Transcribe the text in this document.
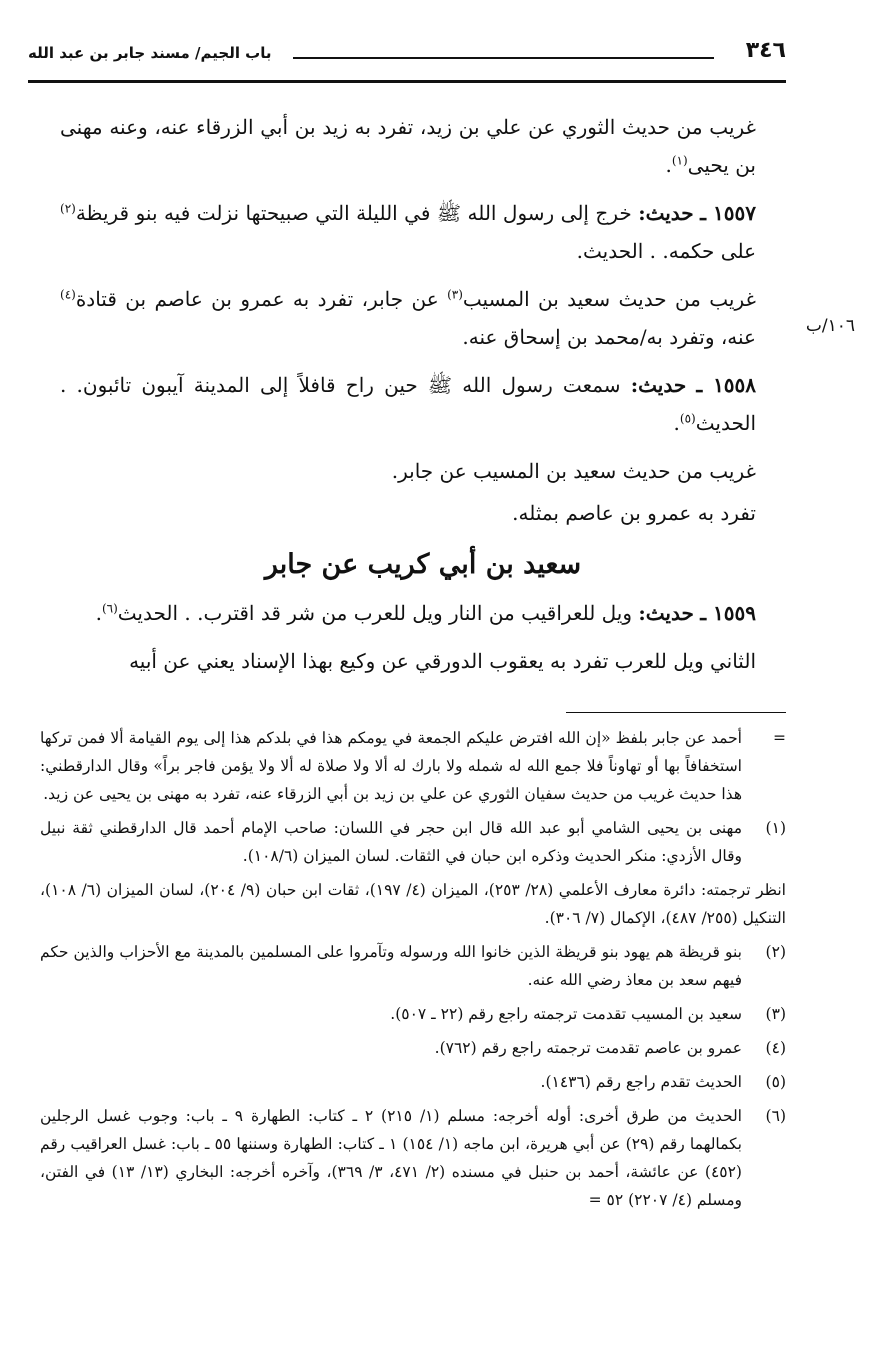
٣٤٦
باب الجيم/ مسند جابر بن عبد الله
١٠٦/ب

غريب من حديث الثوري عن علي بن زيد، تفرد به زيد بن أبي الزرقاء عنه، وعنه مهنى بن يحيى$^{(١)}$.

١٥٥٧ ـ حديث: خرج إلى رسول الله ﷺ في الليلة التي صبيحتها نزلت فيه بنو قريظة$^{(٢)}$ على حكمه. . الحديث.

غريب من حديث سعيد بن المسيب$^{(٣)}$ عن جابر، تفرد به عمرو بن عاصم بن قتادة$^{(٤)}$ عنه، وتفرد به/محمد بن إسحاق عنه.

١٥٥٨ ـ حديث: سمعت رسول الله ﷺ حين راح قافلاً إلى المدينة آيبون تائبون. . الحديث$^{(٥)}$.

غريب من حديث سعيد بن المسيب عن جابر.

تفرد به عمرو بن عاصم بمثله.

سعيد بن أبي كريب عن جابر

١٥٥٩ ـ حديث: ويل للعراقيب من النار ويل للعرب من شر قد اقترب. . الحديث$^{(٦)}$.

الثاني ويل للعرب تفرد به يعقوب الدورقي عن وكيع بهذا الإسناد يعني عن أبيه

=
أحمد عن جابر بلفظ «إن الله افترض عليكم الجمعة في يومكم هذا في بلدكم هذا إلى يوم القيامة ألا فمن تركها استخفافاً بها أو تهاوناً فلا جمع الله له شمله ولا بارك له ألا ولا صلاة له ألا ولا يؤمن فاجر براً» وقال الدارقطني: هذا حديث غريب من حديث سفيان الثوري عن علي بن زيد بن أبي الزرقاء عنه، تفرد به مهنى بن يحيى عن زيد.
(١)
مهنى بن يحيى الشامي أبو عبد الله قال ابن حجر في اللسان: صاحب الإمام أحمد قال الدارقطني ثقة نبيل وقال الأزدي: منكر الحديث وذكره ابن حبان في الثقات. لسان الميزان (١٠٨/٦).
انظر ترجمته: دائرة معارف الأعلمي (٢٨/ ٢٥٣)، الميزان (٤/ ١٩٧)، ثقات ابن حبان (٩/ ٢٠٤)، لسان الميزان (٦/ ١٠٨)، التنكيل (٢٥٥/ ٤٨٧)، الإكمال (٧/ ٣٠٦).
(٢)
بنو قريظة هم يهود بنو قريظة الذين خانوا الله ورسوله وتآمروا على المسلمين بالمدينة مع الأحزاب والذين حكم فيهم سعد بن معاذ رضي الله عنه.
(٣)
سعيد بن المسيب تقدمت ترجمته راجع رقم (٢٢ ـ ٥٠٧).
(٤)
عمرو بن عاصم تقدمت ترجمته راجع رقم (٧٦٢).
(٥)
الحديث تقدم راجع رقم (١٤٣٦).
(٦)
الحديث من طرق أخرى: أوله أخرجه: مسلم (١/ ٢١٥) ٢ ـ كتاب: الطهارة ٩ ـ باب: وجوب غسل الرجلين بكمالهما رقم (٢٩) عن أبي هريرة، ابن ماجه (١/ ١٥٤) ١ ـ كتاب: الطهارة وسننها ٥٥ ـ باب: غسل العراقيب رقم (٤٥٢) عن عائشة، أحمد بن حنبل في مسنده (٢/ ٤٧١، ٣/ ٣٦٩)، وآخره أخرجه: البخاري (١٣/ ١٣) في الفتن، ومسلم (٤/ ٢٢٠٧) ٥٢ =
